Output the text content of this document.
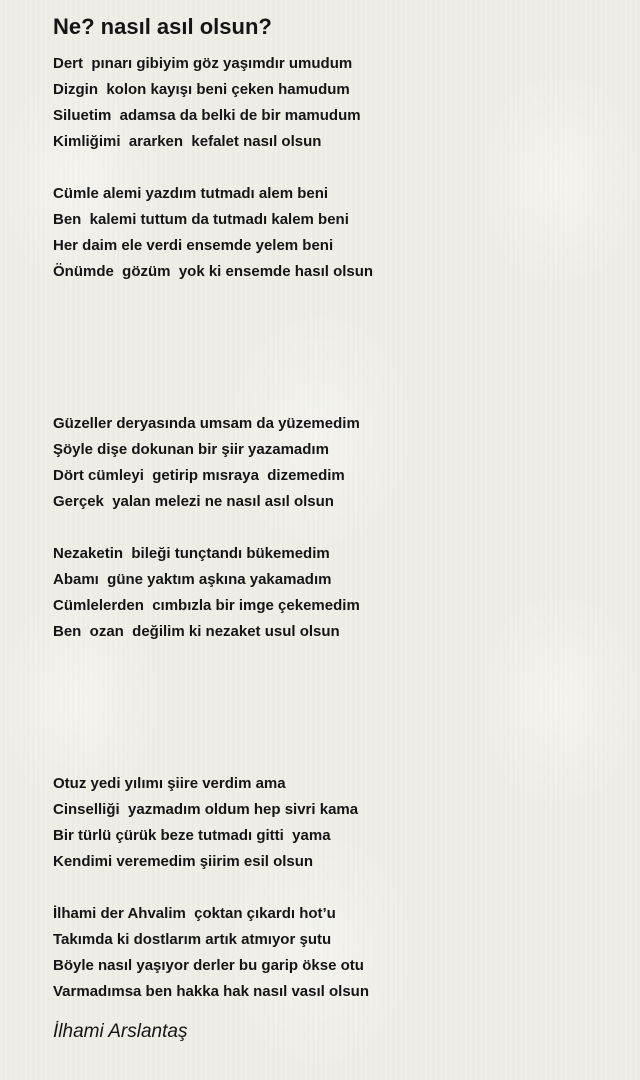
Ne? nasıl asıl olsun?
Dert  pınarı gibiyim göz yaşımdır umudum
Dizgin  kolon kayışı beni çeken hamudum
Siluetim  adamsa da belki de bir mamudum
Kimliğimi  ararken  kefalet nasıl olsun
Cümle alemi yazdım tutmadı alem beni
Ben  kalemi tuttum da tutmadı kalem beni
Her daim ele verdi ensemde yelem beni
Önümde  gözüm  yok ki ensemde hasıl olsun
Güzeller deryasında umsam da yüzemedim
Şöyle dişe dokunan bir şiir yazamadım
Dört cümleyi  getirip mısraya  dizemedim
Gerçek  yalan melezi ne nasıl asıl olsun
Nezaketin  bileği tunçtandı bükemedim
Abamı  güne yaktım aşkına yakamadım
Cümlelerden  cımbızla bir imge çekemedim
Ben  ozan  değilim ki nezaket usul olsun
Otuz yedi yılımı şiire verdim ama
Cinselliği  yazmadım oldum hep sivri kama
Bir türlü çürük beze tutmadı gitti  yama
Kendimi veremedim şiirim esil olsun
İlhami der Ahvalim  çoktan çıkardı hot’u
Takımda ki dostlarım artık atmıyor şutu
Böyle nasıl yaşıyor derler bu garip ökse otu
Varmadımsa ben hakka hak nasıl vasıl olsun
İlhami Arslantaş
